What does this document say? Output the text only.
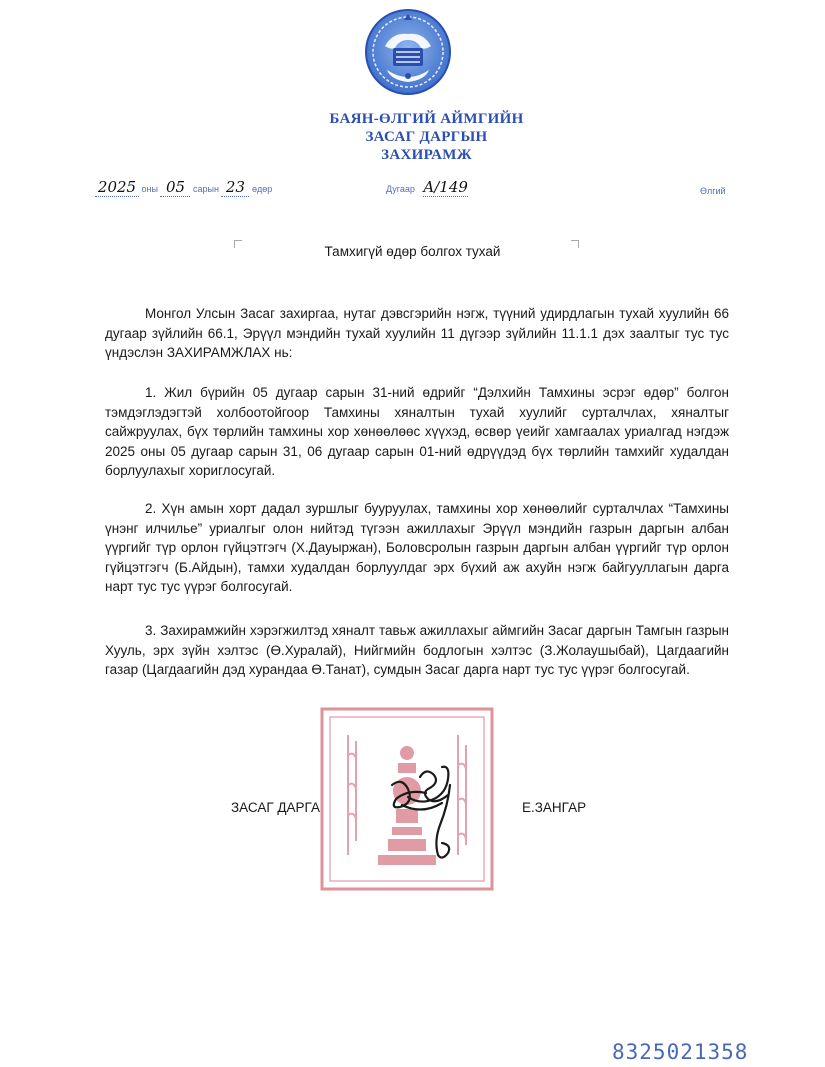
БАЯН-ӨЛГИЙ АЙМГИЙН
ЗАСАГ ДАРГЫН
ЗАХИРАМЖ
2025 оны 05 сарын 23 өдөр	Дугаар A/149	Өлгий
Тамхигүй өдөр болгох тухай

Монгол Улсын Засаг захиргаа, нутаг дэвсгэрийн нэгж, түүний удирдлагын тухай хуулийн 66 дугаар зүйлийн 66.1, Эрүүл мэндийн тухай хуулийн 11 дүгээр зүйлийн 11.1.1 дэх заалтыг тус тус үндэслэн ЗАХИРАМЖЛАХ нь:

1. Жил бүрийн 05 дугаар сарын 31-ний өдрийг “Дэлхийн Тамхины эсрэг өдөр” болгон тэмдэглэдэгтэй холбоотойгоор Тамхины хяналтын тухай хуулийг сурталчлах, хяналтыг сайжруулах, бүх төрлийн тамхины хор хөнөөлөөс хүүхэд, өсвөр үеийг хамгаалах уриалгад нэгдэж 2025 оны 05 дугаар сарын 31, 06 дугаар сарын 01-ний өдрүүдэд бүх төрлийн тамхийг худалдан борлуулахыг хориглосугай.

2. Хүн амын хорт дадал зуршлыг бууруулах, тамхины хор хөнөөлийг сурталчлах “Тамхины үнэнг илчилье” уриалгыг олон нийтэд түгээн ажиллахыг Эрүүл мэндийн газрын даргын албан үүргийг түр орлон гүйцэтгэгч (Х.Дауыржан), Боловсролын газрын даргын албан үүргийг түр орлон гүйцэтгэгч (Б.Айдын), тамхи худалдан борлуулдаг эрх бүхий аж ахуйн нэгж байгууллагын дарга нарт тус тус үүрэг болгосугай.

3. Захирамжийн хэрэгжилтэд хяналт тавьж ажиллахыг аймгийн Засаг даргын Тамгын газрын Хууль, эрх зүйн хэлтэс (Ө.Хуралай), Нийгмийн бодлогын хэлтэс (З.Жолаушыбай), Цагдаагийн газар (Цагдаагийн дэд хурандаа Ө.Танат), сумдын Засаг дарга нарт тус тус үүрэг болгосугай.

ЗАСАГ ДАРГА	Е.ЗАНГАР
8325021358
